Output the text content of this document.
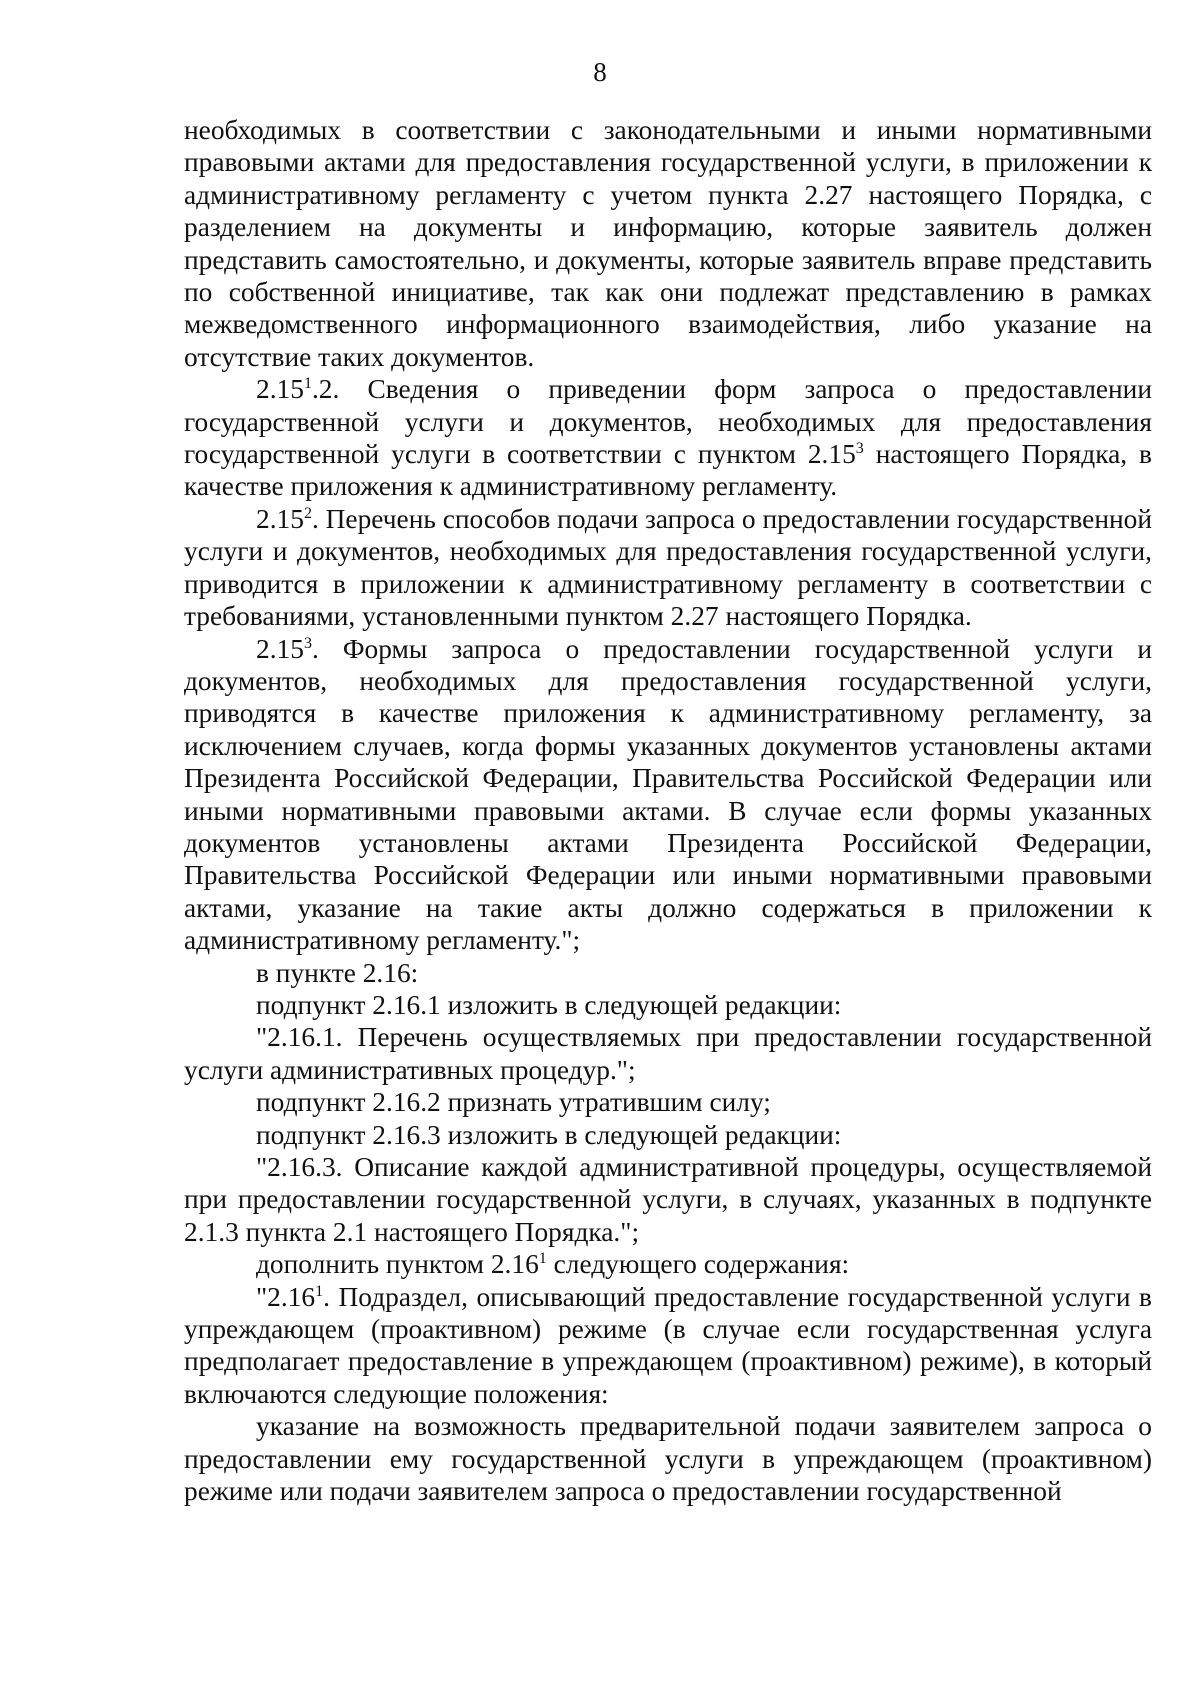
8

необходимых в соответствии с законодательными и иными нормативными правовыми актами для предоставления государственной услуги, в приложении к административному регламенту с учетом пункта 2.27 настоящего Порядка, с разделением на документы и информацию, которые заявитель должен представить самостоятельно, и документы, которые заявитель вправе представить по собственной инициативе, так как они подлежат представлению в рамках межведомственного информационного взаимодействия, либо указание на отсутствие таких документов.

2.15$^1$.2. Сведения о приведении форм запроса о предоставлении государственной услуги и документов, необходимых для предоставления государственной услуги в соответствии с пунктом 2.15$^3$ настоящего Порядка, в качестве приложения к административному регламенту.

2.15$^2$. Перечень способов подачи запроса о предоставлении государственной услуги и документов, необходимых для предоставления государственной услуги, приводится в приложении к административному регламенту в соответствии с требованиями, установленными пунктом 2.27 настоящего Порядка.

2.15$^3$. Формы запроса о предоставлении государственной услуги и документов, необходимых для предоставления государственной услуги, приводятся в качестве приложения к административному регламенту, за исключением случаев, когда формы указанных документов установлены актами Президента Российской Федерации, Правительства Российской Федерации или иными нормативными правовыми актами. В случае если формы указанных документов установлены актами Президента Российской Федерации, Правительства Российской Федерации или иными нормативными правовыми актами, указание на такие акты должно содержаться в приложении к административному регламенту.";

в пункте 2.16:

подпункт 2.16.1 изложить в следующей редакции:

"2.16.1. Перечень осуществляемых при предоставлении государственной услуги административных процедур.";

подпункт 2.16.2 признать утратившим силу;

подпункт 2.16.3 изложить в следующей редакции:

"2.16.3. Описание каждой административной процедуры, осуществляемой при предоставлении государственной услуги, в случаях, указанных в подпункте 2.1.3 пункта 2.1 настоящего Порядка.";

дополнить пунктом 2.16$^1$ следующего содержания:

"2.16$^1$. Подраздел, описывающий предоставление государственной услуги в упреждающем (проактивном) режиме (в случае если государственная услуга предполагает предоставление в упреждающем (проактивном) режиме), в который включаются следующие положения:

указание на возможность предварительной подачи заявителем запроса о предоставлении ему государственной услуги в упреждающем (проактивном) режиме или подачи заявителем запроса о предоставлении государственной
